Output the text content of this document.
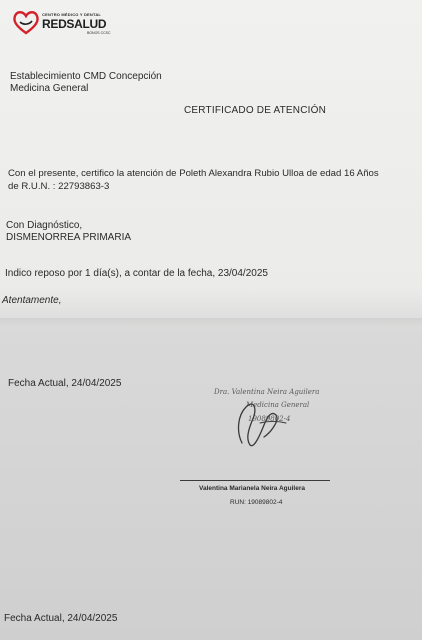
CENTRO MÉDICO Y DENTAL
REDSALUD
BONOS CCSC
Establecimiento CMD Concepción
Medicina General
CERTIFICADO DE ATENCIÓN
Con el presente, certifico la atención de Poleth Alexandra Rubio Ulloa de edad 16 Años
de R.U.N. : 22793863-3
Con Diagnóstico,
DISMENORREA PRIMARIA
Indico reposo por 1 día(s), a contar de la fecha, 23/04/2025
Atentamente,
Fecha Actual, 24/04/2025
Dra. Valentina Neira Aguilera
Medicina General
19089802-4
Valentina Marianela Neira Aguilera
RUN: 19089802-4
Fecha Actual, 24/04/2025
